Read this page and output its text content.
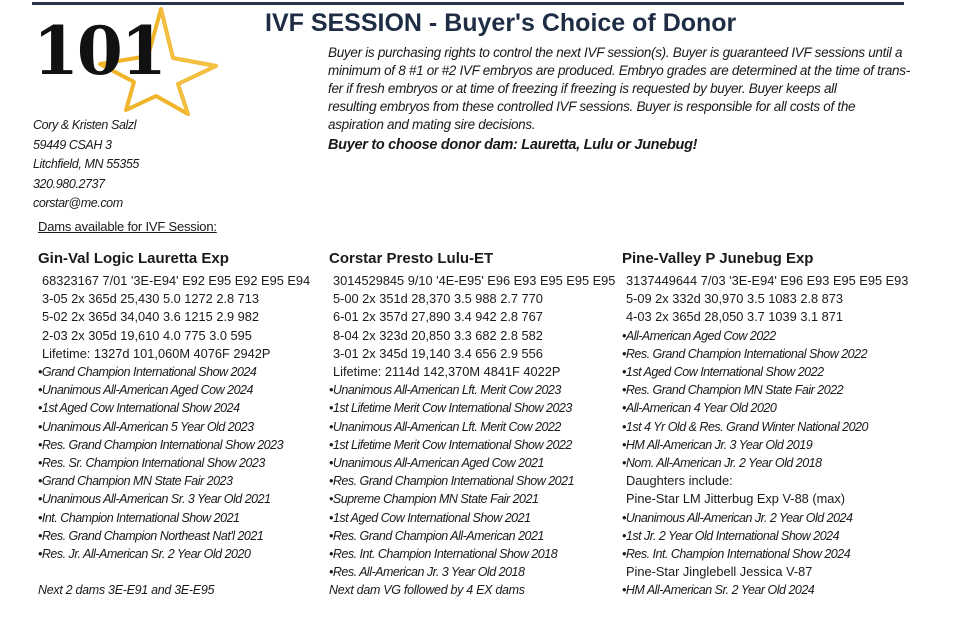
101	IVF SESSION - Buyer's Choice of Donor
Buyer is purchasing rights to control the next IVF session(s). Buyer is guaranteed IVF sessions until a
minimum of 8 #1 or #2 IVF embryos are produced. Embryo grades are determined at the time of trans-
fer if fresh embryos or at time of freezing if freezing is requested by buyer. Buyer keeps all
resulting embryos from these controlled IVF sessions. Buyer is responsible for all costs of the
aspiration and mating sire decisions.
Buyer to choose donor dam: Lauretta, Lulu or Junebug!
Cory & Kristen Salzl
59449 CSAH 3
Litchfield, MN 55355
320.980.2737
corstar@me.com
Dams available for IVF Session:
Gin-Val Logic Lauretta Exp
68323167 7/01 '3E-E94' E92 E95 E92 E95 E94
3-05 2x 365d 25,430 5.0 1272 2.8 713
5-02 2x 365d 34,040 3.6 1215 2.9 982
2-03 2x 305d 19,610 4.0 775 3.0 595
Lifetime: 1327d 101,060M 4076F 2942P
•Grand Champion International Show 2024
•Unanimous All-American Aged Cow 2024
•1st Aged Cow International Show 2024
•Unanimous All-American 5 Year Old 2023
•Res. Grand Champion International Show 2023
•Res. Sr. Champion International Show 2023
•Grand Champion MN State Fair 2023
•Unanimous All-American Sr. 3 Year Old 2021
•Int. Champion International Show 2021
•Res. Grand Champion Northeast Nat'l 2021
•Res. Jr. All-American Sr. 2 Year Old 2020
Corstar Presto Lulu-ET
3014529845 9/10 '4E-E95' E96 E93 E95 E95 E95
5-00 2x 351d 28,370 3.5 988 2.7 770
6-01 2x 357d 27,890 3.4 942 2.8 767
8-04 2x 323d 20,850 3.3 682 2.8 582
3-01 2x 345d 19,140 3.4 656 2.9 556
Lifetime: 2114d 142,370M 4841F 4022P
•Unanimous All-American Lft. Merit Cow 2023
•1st Lifetime Merit Cow International Show 2023
•Unanimous All-American Lft. Merit Cow 2022
•1st Lifetime Merit Cow International Show 2022
•Unanimous All-American Aged Cow 2021
•Res. Grand Champion International Show 2021
•Supreme Champion MN State Fair 2021
•1st Aged Cow International Show 2021
•Res. Grand Champion All-American 2021
•Res. Int. Champion International Show 2018
•Res. All-American Jr. 3 Year Old 2018
Pine-Valley P Junebug Exp
3137449644 7/03 '3E-E94' E96 E93 E95 E95 E93
5-09 2x 332d 30,970 3.5 1083 2.8 873
4-03 2x 365d 28,050 3.7 1039 3.1 871
•All-American Aged Cow 2022
•Res. Grand Champion International Show 2022
•1st Aged Cow International Show 2022
•Res. Grand Champion MN State Fair 2022
•All-American 4 Year Old 2020
•1st 4 Yr Old & Res. Grand Winter National 2020
•HM All-American Jr. 3 Year Old 2019
•Nom. All-American Jr. 2 Year Old 2018
Daughters include:
Pine-Star LM Jitterbug Exp V-88 (max)
•Unanimous All-American Jr. 2 Year Old 2024
•1st Jr. 2 Year Old International Show 2024
•Res. Int. Champion International Show 2024
Pine-Star Jinglebell Jessica V-87
•HM All-American Sr. 2 Year Old 2024
Next 2 dams 3E-E91 and 3E-E95	Next dam VG followed by 4 EX dams
